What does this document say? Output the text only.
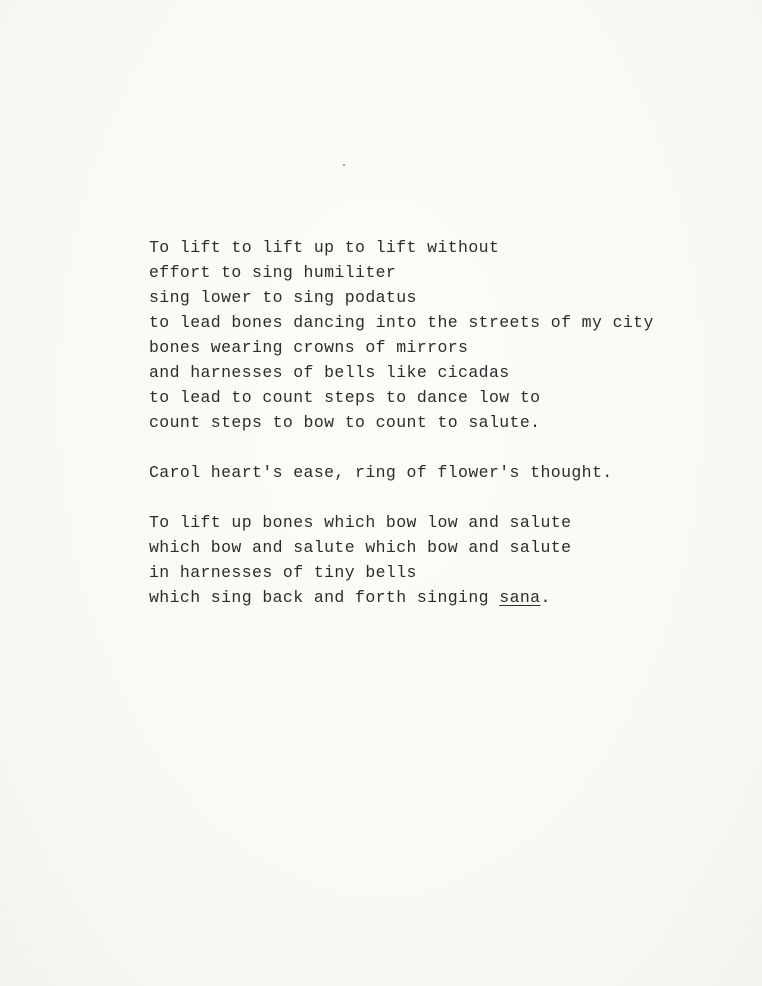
To lift to lift up to lift without
effort to sing humiliter
sing lower to sing podatus
to lead bones dancing into the streets of my city
bones wearing crowns of mirrors
and harnesses of bells like cicadas
to lead to count steps to dance low to
count steps to bow to count to salute.
Carol heart's ease, ring of flower's thought.
To lift up bones which bow low and salute
which bow and salute which bow and salute
in harnesses of tiny bells
which sing back and forth singing sana.
